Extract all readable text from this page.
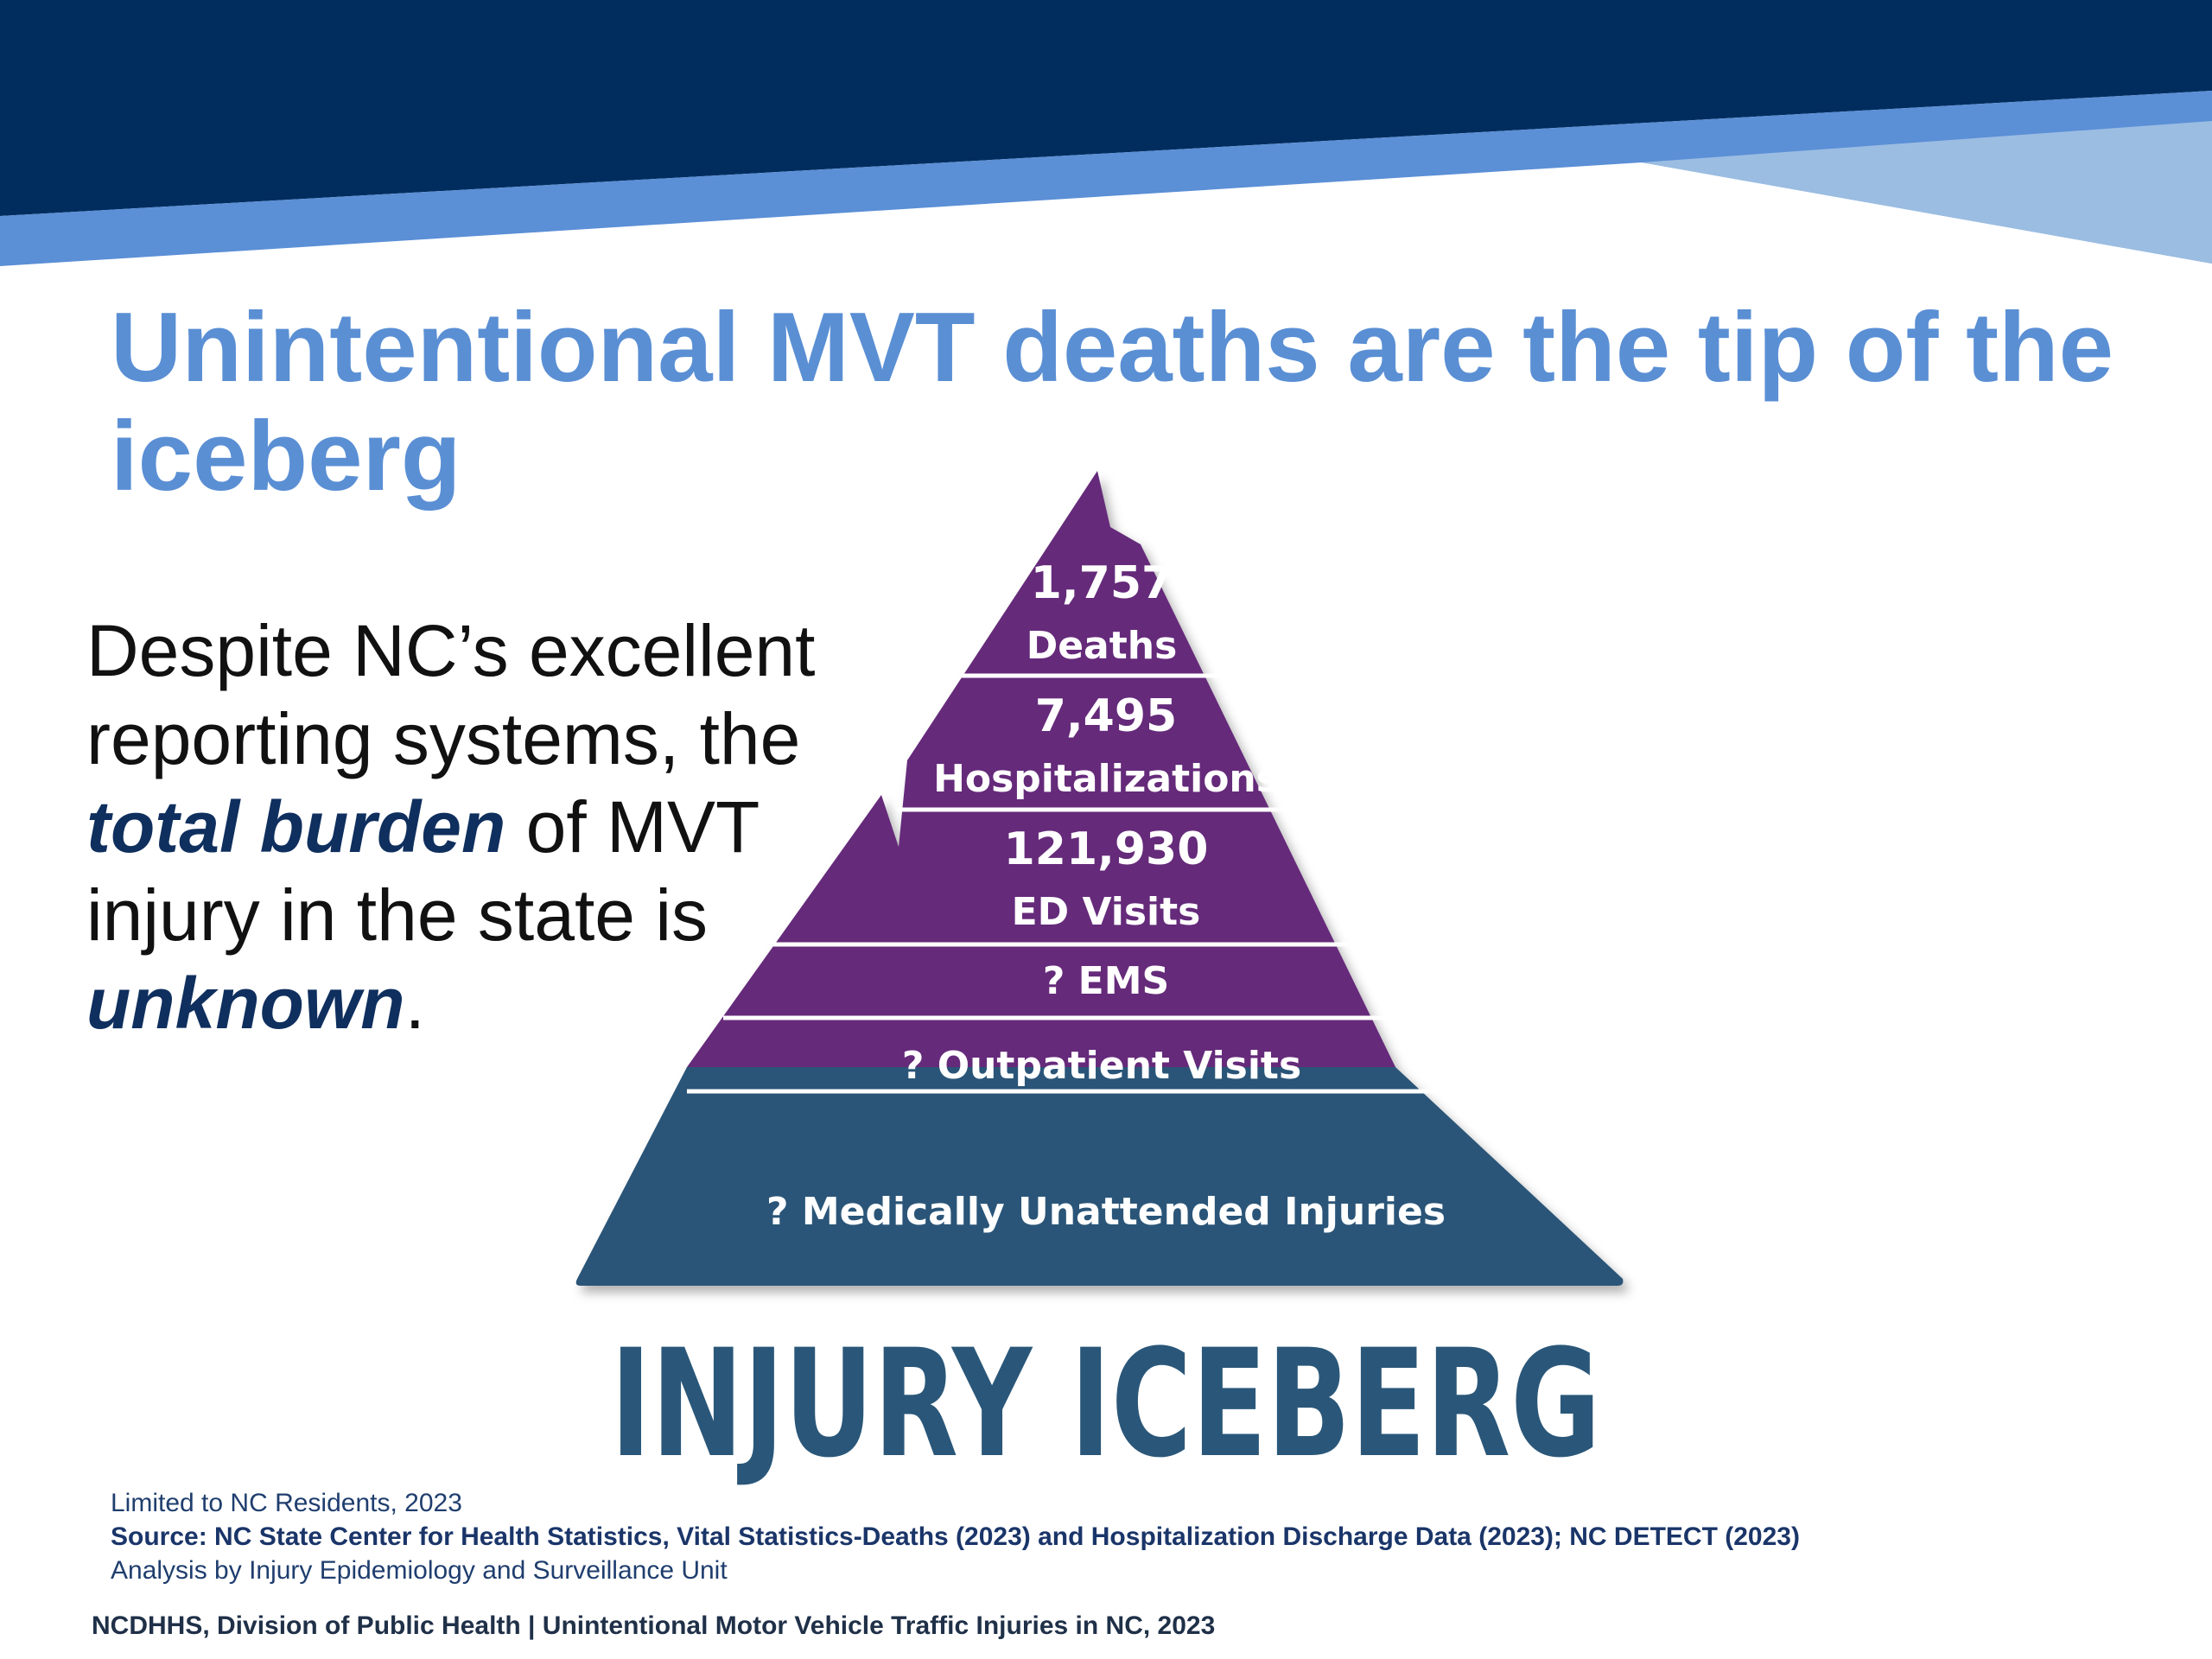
Unintentional MVT deaths are the tip of the iceberg

Despite NC’s excellent reporting systems, the total burden of MVT injury in the state is unknown.

1,757
Deaths
7,495
Hospitalizations
121,930
ED Visits
? EMS
? Outpatient Visits
? Medically Unattended Injuries

INJURY ICEBERG

Limited to NC Residents, 2023

Source: NC State Center for Health Statistics, Vital Statistics-Deaths (2023) and Hospitalization Discharge Data (2023); NC DETECT (2023)

Analysis by Injury Epidemiology and Surveillance Unit

NCDHHS, Division of Public Health | Unintentional Motor Vehicle Traffic Injuries in NC, 2023
